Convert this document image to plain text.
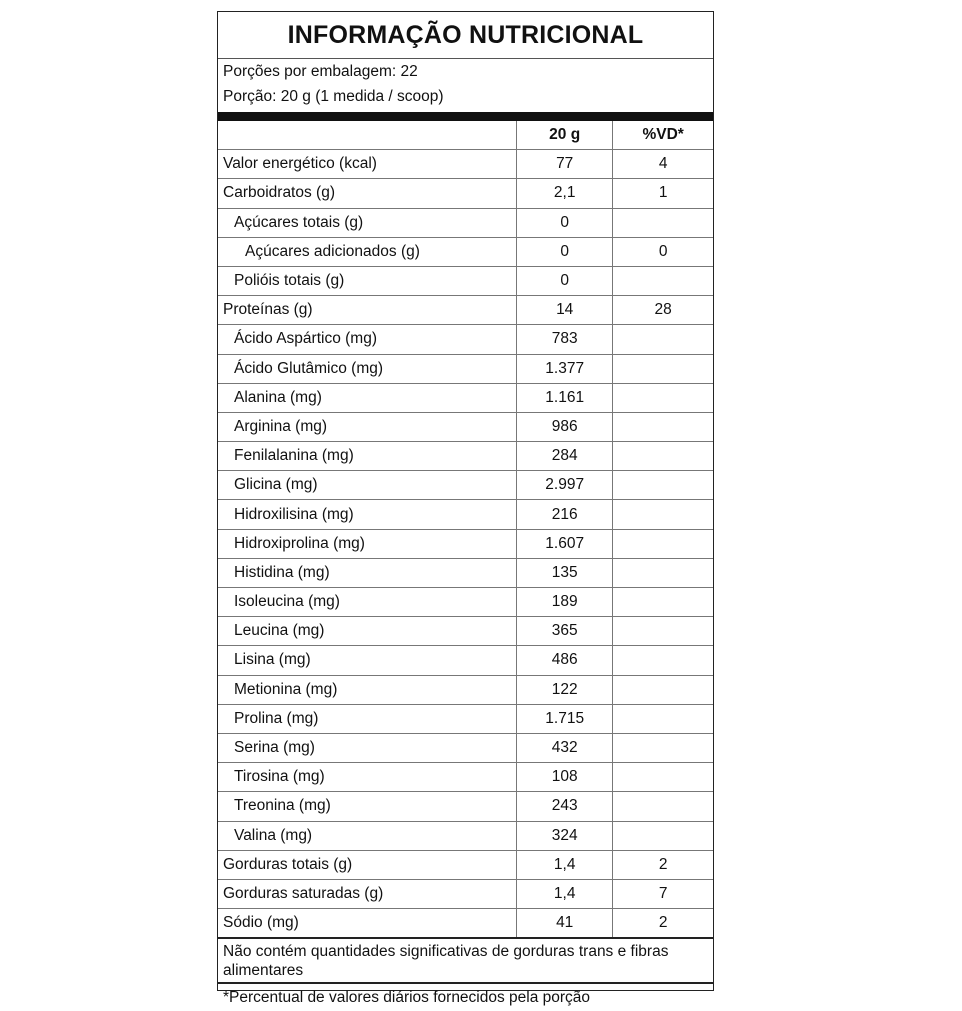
INFORMAÇÃO NUTRICIONAL
Porções por embalagem: 22
Porção: 20 g (1 medida / scoop)
	20 g	%VD*
Valor energético (kcal)	77	4
Carboidratos (g)	2,1	1
Açúcares totais (g)	0	
Açúcares adicionados (g)	0	0
Polióis totais (g)	0	
Proteínas (g)	14	28
Ácido Aspártico (mg)	783	
Ácido Glutâmico (mg)	1.377	
Alanina (mg)	1.161	
Arginina (mg)	986	
Fenilalanina (mg)	284	
Glicina (mg)	2.997	
Hidroxilisina (mg)	216	
Hidroxiprolina (mg)	1.607	
Histidina (mg)	135	
Isoleucina (mg)	189	
Leucina (mg)	365	
Lisina (mg)	486	
Metionina (mg)	122	
Prolina (mg)	1.715	
Serina (mg)	432	
Tirosina (mg)	108	
Treonina (mg)	243	
Valina (mg)	324	
Gorduras totais (g)	1,4	2
Gorduras saturadas (g)	1,4	7
Sódio (mg)	41	2
Não contém quantidades significativas de gorduras trans e fibras alimentares
*Percentual de valores diários fornecidos pela porção
